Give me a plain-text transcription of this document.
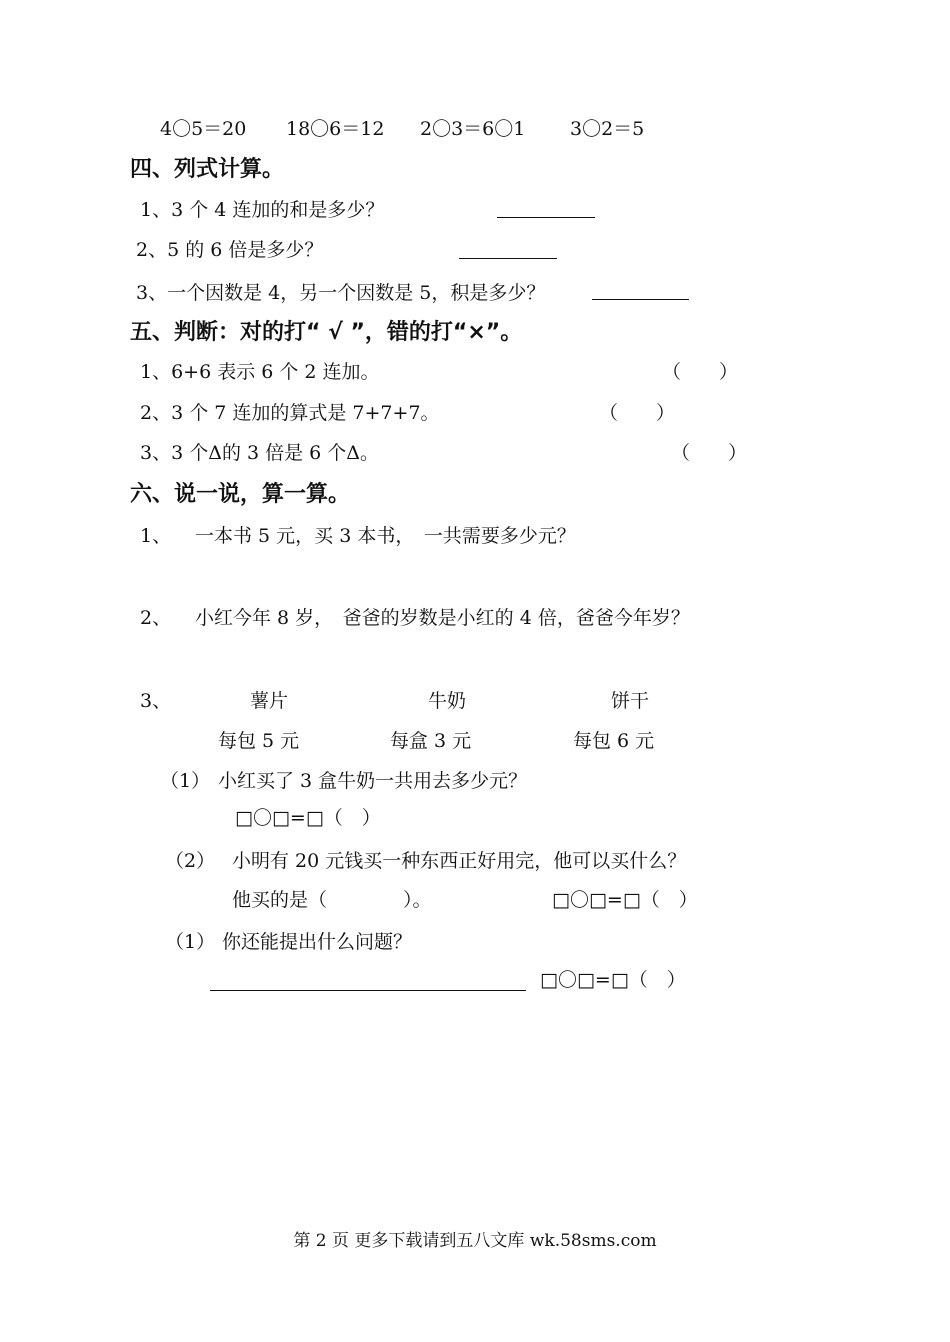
4〇5＝20 18〇6＝12 2〇3＝6〇1 3〇2＝5
四、列式计算。
1、3 个 4 连加的和是多少？
2、5 的 6 倍是多少？
3、一个因数是 4，另一个因数是 5，积是多少？
五、判断：对的打“ √ ”，错的打“×”。
1、6+6 表示 6 个 2 连加。	（　　）
2、3 个 7 连加的算式是 7+7+7。	（　　）
3、3 个Δ的 3 倍是 6 个Δ。	（　　）
六、说一说，算一算。
1、 一本书 5 元，买 3 本书，　一共需要多少元？
2、 小红今年 8 岁，　爸爸的岁数是小红的 4 倍，爸爸今年岁？
3、	薯片	牛奶	饼干
每包 5 元	每盒 3 元	每包 6 元
（1） 小红买了 3 盒牛奶一共用去多少元？
□〇□=□（　）
（2） 小明有 20 元钱买一种东西正好用完，他可以买什么？
他买的是（　　　　）。	□〇□=□（　）
（1） 你还能提出什么问题？
□〇□=□（　）
第 2 页 更多下载请到五八文库 wk.58sms.com
